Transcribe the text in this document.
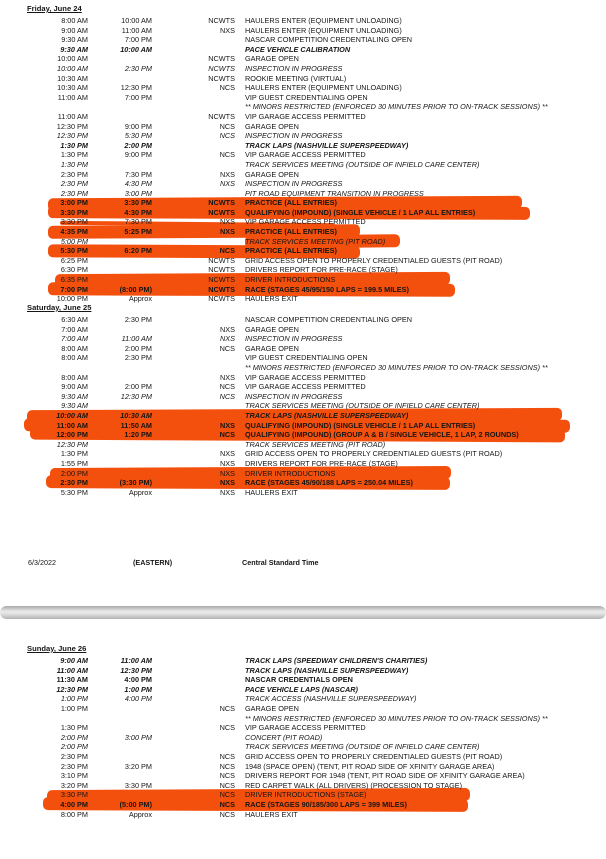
Friday, June 24
8:00 AM	10:00 AM	NCWTS	HAULERS ENTER (EQUIPMENT UNLOADING)
9:00 AM	11:00 AM	NXS	HAULERS ENTER (EQUIPMENT UNLOADING)
9:30 AM	7:00 PM	NASCAR COMPETITION CREDENTIALING OPEN
9:30 AM	10:00 AM	PACE VEHICLE CALIBRATION
10:00 AM	NCWTS	GARAGE OPEN
10:00 AM	2:30 PM	NCWTS	INSPECTION IN PROGRESS
10:30 AM	NCWTS	ROOKIE MEETING (VIRTUAL)
10:30 AM	12:30 PM	NCS	HAULERS ENTER (EQUIPMENT UNLOADING)
11:00 AM	7:00 PM	VIP GUEST CREDENTIALING OPEN
** MINORS RESTRICTED (ENFORCED 30 MINUTES PRIOR TO ON-TRACK SESSIONS) **
11:00 AM	NCWTS	VIP GARAGE ACCESS PERMITTED
12:30 PM	9:00 PM	NCS	GARAGE OPEN
12:30 PM	5:30 PM	NCS	INSPECTION IN PROGRESS
1:30 PM	2:00 PM	TRACK LAPS (NASHVILLE SUPERSPEEDWAY)
1:30 PM	9:00 PM	NCS	VIP GARAGE ACCESS PERMITTED
1:30 PM	TRACK SERVICES MEETING (OUTSIDE OF INFIELD CARE CENTER)
2:30 PM	7:30 PM	NXS	GARAGE OPEN
2:30 PM	4:30 PM	NXS	INSPECTION IN PROGRESS
2:30 PM	3:00 PM	PIT ROAD EQUIPMENT TRANSITION IN PROGRESS
3:00 PM	3:30 PM	NCWTS	PRACTICE (ALL ENTRIES)
3:30 PM	4:30 PM	NCWTS	QUALIFYING (IMPOUND) (SINGLE VEHICLE / 1 LAP ALL ENTRIES)
3:30 PM	7:30 PM	NXS	VIP GARAGE ACCESS PERMITTED
4:35 PM	5:25 PM	NXS	PRACTICE (ALL ENTRIES)
5:00 PM	TRACK SERVICES MEETING (PIT ROAD)
5:30 PM	6:20 PM	NCS	PRACTICE (ALL ENTRIES)
6:25 PM	NCWTS	GRID ACCESS OPEN TO PROPERLY CREDENTIALED GUESTS (PIT ROAD)
6:30 PM	NCWTS	DRIVERS REPORT FOR PRE-RACE (STAGE)
6:35 PM	NCWTS	DRIVER INTRODUCTIONS
7:00 PM	(8:00 PM)	NCWTS	RACE (STAGES 45/95/150 LAPS = 199.5 MILES)
10:00 PM	Approx	NCWTS	HAULERS EXIT
Saturday, June 25
6:30 AM	2:30 PM	NASCAR COMPETITION CREDENTIALING OPEN
7:00 AM	NXS	GARAGE OPEN
7:00 AM	11:00 AM	NXS	INSPECTION IN PROGRESS
8:00 AM	2:00 PM	NCS	GARAGE OPEN
8:00 AM	2:30 PM	VIP GUEST CREDENTIALING OPEN
** MINORS RESTRICTED (ENFORCED 30 MINUTES PRIOR TO ON-TRACK SESSIONS) **
8:00 AM	NXS	VIP GARAGE ACCESS PERMITTED
9:00 AM	2:00 PM	NCS	VIP GARAGE ACCESS PERMITTED
9:30 AM	12:30 PM	NCS	INSPECTION IN PROGRESS
9:30 AM	TRACK SERVICES MEETING (OUTSIDE OF INFIELD CARE CENTER)
10:00 AM	10:30 AM	TRACK LAPS (NASHVILLE SUPERSPEEDWAY)
11:00 AM	11:50 AM	NXS	QUALIFYING (IMPOUND) (SINGLE VEHICLE / 1 LAP ALL ENTRIES)
12:00 PM	1:20 PM	NCS	QUALIFYING (IMPOUND) (GROUP A & B / SINGLE VEHICLE, 1 LAP, 2 ROUNDS)
12:30 PM	TRACK SERVICES MEETING (PIT ROAD)
1:30 PM	NXS	GRID ACCESS OPEN TO PROPERLY CREDENTIALED GUESTS (PIT ROAD)
1:55 PM	NXS	DRIVERS REPORT FOR PRE-RACE (STAGE)
2:00 PM	NXS	DRIVER INTRODUCTIONS
2:30 PM	(3:30 PM)	NXS	RACE (STAGES 45/90/188 LAPS = 250.04 MILES)
5:30 PM	Approx	NXS	HAULERS EXIT
6/3/2022	(EASTERN)	Central Standard Time
Sunday, June 26
9:00 AM	11:00 AM	TRACK LAPS (SPEEDWAY CHILDREN'S CHARITIES)
11:00 AM	12:30 PM	TRACK LAPS (NASHVILLE SUPERSPEEDWAY)
11:30 AM	4:00 PM	NASCAR CREDENTIALS OPEN
12:30 PM	1:00 PM	PACE VEHICLE LAPS (NASCAR)
1:00 PM	4:00 PM	TRACK ACCESS (NASHVILLE SUPERSPEEDWAY)
1:00 PM	NCS	GARAGE OPEN
** MINORS RESTRICTED (ENFORCED 30 MINUTES PRIOR TO ON-TRACK SESSIONS) **
1:30 PM	NCS	VIP GARAGE ACCESS PERMITTED
2:00 PM	3:00 PM	CONCERT (PIT ROAD)
2:00 PM	TRACK SERVICES MEETING (OUTSIDE OF INFIELD CARE CENTER)
2:30 PM	NCS	GRID ACCESS OPEN TO PROPERLY CREDENTIALED GUESTS (PIT ROAD)
2:30 PM	3:20 PM	NCS	1948 (SPACE OPEN) (TENT, PIT ROAD SIDE OF XFINITY GARAGE AREA)
3:10 PM	NCS	DRIVERS REPORT FOR 1948 (TENT, PIT ROAD SIDE OF XFINITY GARAGE AREA)
3:20 PM	3:30 PM	NCS	RED CARPET WALK (ALL DRIVERS) (PROCESSION TO STAGE)
3:30 PM	NCS	DRIVER INTRODUCTIONS (STAGE)
4:00 PM	(5:00 PM)	NCS	RACE (STAGES 90/185/300 LAPS = 399 MILES)
8:00 PM	Approx	NCS	HAULERS EXIT
